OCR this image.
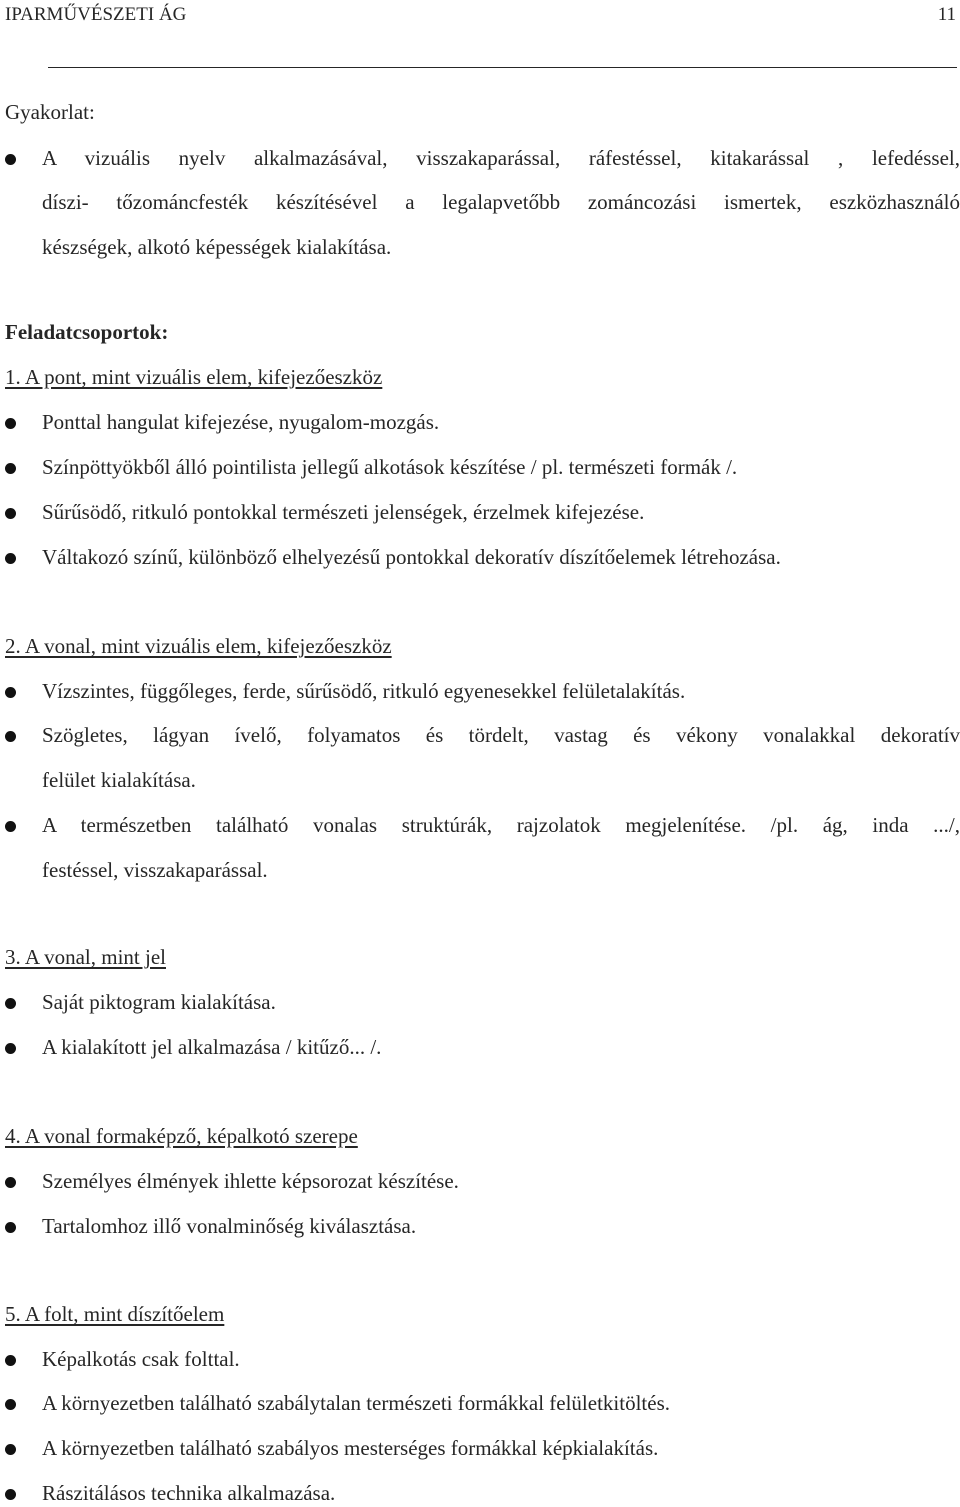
IPARMŰVÉSZETI ÁG	11
Gyakorlat:
A vizuális nyelv alkalmazásával, visszakaparással, ráfestéssel, kitakarással , lefedéssel,
díszi- tőzománcfesték készítésével a legalapvetőbb zománcozási ismertek, eszközhasználó
készségek, alkotó képességek kialakítása.
Feladatcsoportok:
1. A pont, mint vizuális elem, kifejezőeszköz
Ponttal hangulat kifejezése, nyugalom-mozgás.
Színpöttyökből álló pointilista jellegű alkotások készítése / pl. természeti formák /.
Sűrűsödő, ritkuló pontokkal természeti jelenségek, érzelmek kifejezése.
Váltakozó színű, különböző elhelyezésű pontokkal dekoratív díszítőelemek létrehozása.
2. A vonal, mint vizuális elem, kifejezőeszköz
Vízszintes, függőleges, ferde, sűrűsödő, ritkuló egyenesekkel felületalakítás.
Szögletes, lágyan ívelő, folyamatos és tördelt, vastag és vékony vonalakkal dekoratív
felület kialakítása.
A természetben található vonalas struktúrák, rajzolatok megjelenítése. /pl. ág, inda .../,
festéssel, visszakaparással.
3. A vonal, mint jel
Saját piktogram kialakítása.
A kialakított jel alkalmazása / kitűző... /.
4. A vonal formaképző, képalkotó szerepe
Személyes élmények ihlette képsorozat készítése.
Tartalomhoz illő vonalminőség kiválasztása.
5. A folt, mint díszítőelem
Képalkotás csak folttal.
A környezetben található szabálytalan természeti formákkal felületkitöltés.
A környezetben található szabályos mesterséges formákkal képkialakítás.
Rászitálásos technika alkalmazása.
